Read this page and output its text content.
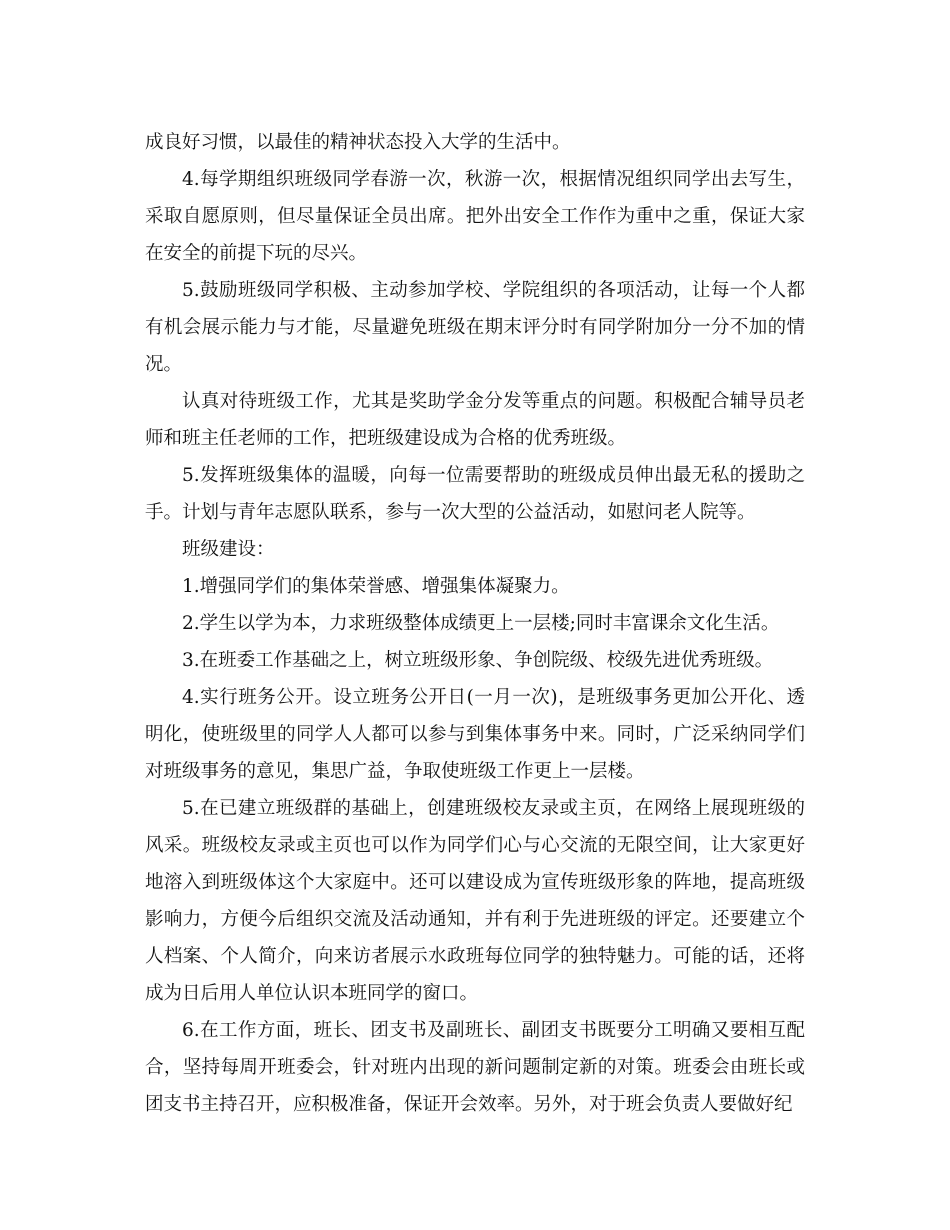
成良好习惯，以最佳的精神状态投入大学的生活中。

4.每学期组织班级同学春游一次，秋游一次，根据情况组织同学出去写生，采取自愿原则，但尽量保证全员出席。把外出安全工作作为重中之重，保证大家在安全的前提下玩的尽兴。

5.鼓励班级同学积极、主动参加学校、学院组织的各项活动，让每一个人都有机会展示能力与才能，尽量避免班级在期末评分时有同学附加分一分不加的情况。

认真对待班级工作，尤其是奖助学金分发等重点的问题。积极配合辅导员老师和班主任老师的工作，把班级建设成为合格的优秀班级。

5.发挥班级集体的温暖，向每一位需要帮助的班级成员伸出最无私的援助之手。计划与青年志愿队联系，参与一次大型的公益活动，如慰问老人院等。

班级建设：

1.增强同学们的集体荣誉感、增强集体凝聚力。

2.学生以学为本，力求班级整体成绩更上一层楼;同时丰富课余文化生活。

3.在班委工作基础之上，树立班级形象、争创院级、校级先进优秀班级。

4.实行班务公开。设立班务公开日(一月一次)，是班级事务更加公开化、透明化，使班级里的同学人人都可以参与到集体事务中来。同时，广泛采纳同学们对班级事务的意见，集思广益，争取使班级工作更上一层楼。

5.在已建立班级群的基础上，创建班级校友录或主页，在网络上展现班级的风采。班级校友录或主页也可以作为同学们心与心交流的无限空间，让大家更好地溶入到班级体这个大家庭中。还可以建设成为宣传班级形象的阵地，提高班级影响力，方便今后组织交流及活动通知，并有利于先进班级的评定。还要建立个人档案、个人简介，向来访者展示水政班每位同学的独特魅力。可能的话，还将成为日后用人单位认识本班同学的窗口。

6.在工作方面，班长、团支书及副班长、副团支书既要分工明确又要相互配合，坚持每周开班委会，针对班内出现的新问题制定新的对策。班委会由班长或团支书主持召开，应积极准备，保证开会效率。另外，对于班会负责人要做好纪
